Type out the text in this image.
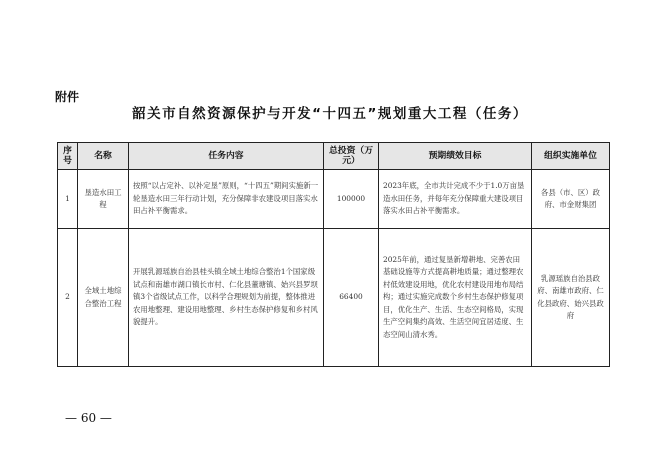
附件
韶关市自然资源保护与开发“十四五”规划重大工程（任务）
序号	名称	任务内容	总投资（万元）	预期绩效目标	组织实施单位
1	垦造水田工程	按照“以占定补、以补定垦”原则，“十四五”期间实施新一轮垦造水田三年行动计划，充分保障非农建设项目落实水田占补平衡需求。	100000	2023年底，全市共计完成不少于1.0万亩垦造水田任务，并每年充分保障重大建设项目落实水田占补平衡需求。	各县（市、区）政府、市金财集团
2	全域土地综合整治工程	开展乳源瑶族自治县桂头镇全域土地综合整治1个国家级试点和南雄市湖口镇长市村、仁化县董塘镇、始兴县罗坝镇3个省级试点工作，以科学合理规划为前提，整体推进农用地整理、建设用地整理、乡村生态保护修复和乡村风貌提升。	66400	2025年前，通过复垦新增耕地、完善农田基础设施等方式提高耕地质量；通过整理农村低效建设用地，优化农村建设用地布局结构；通过实施完成数个乡村生态保护修复项目，优化生产、生活、生态空间格局，实现生产空间集约高效、生活空间宜居适度、生态空间山清水秀。	乳源瑶族自治县政府、南雄市政府、仁化县政府、始兴县政府
— 60 —
